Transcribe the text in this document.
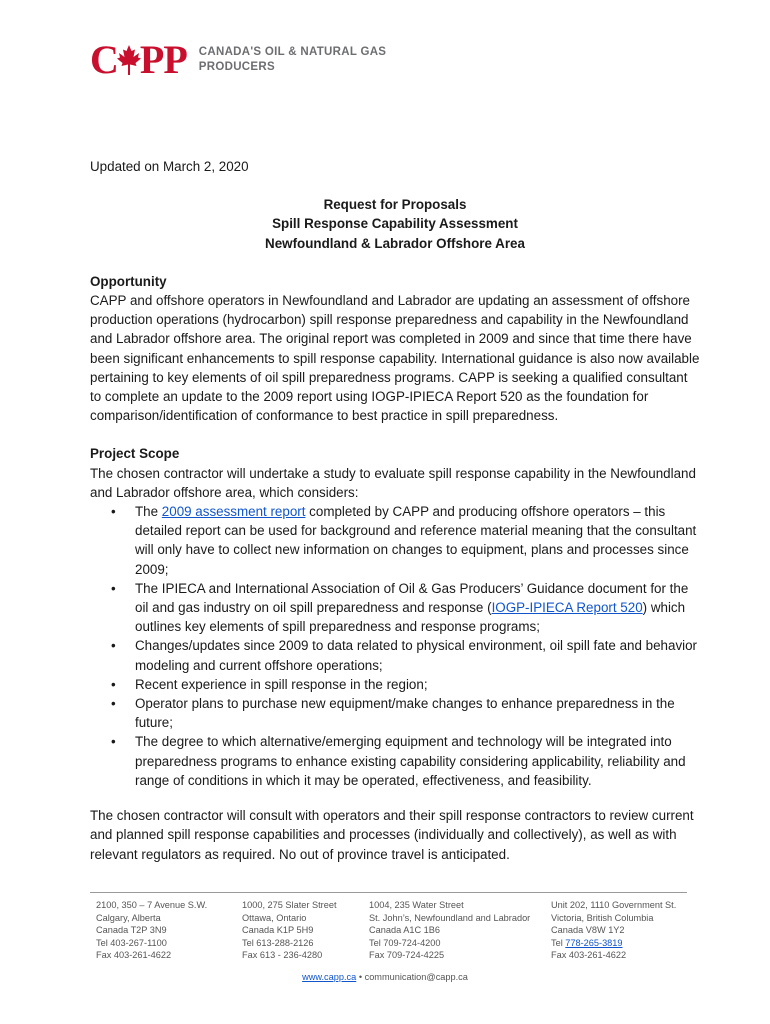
C PP CANADA'S OIL & NATURAL GAS
PRODUCERS

Updated on March 2, 2020

Request for Proposals
Spill Response Capability Assessment
Newfoundland & Labrador Offshore Area

Opportunity

CAPP and offshore operators in Newfoundland and Labrador are updating an assessment of offshore production operations (hydrocarbon) spill response preparedness and capability in the Newfoundland and Labrador offshore area. The original report was completed in 2009 and since that time there have been significant enhancements to spill response capability. International guidance is also now available pertaining to key elements of oil spill preparedness programs. CAPP is seeking a qualified consultant to complete an update to the 2009 report using IOGP-IPIECA Report 520 as the foundation for comparison/identification of conformance to best practice in spill preparedness.

Project Scope

The chosen contractor will undertake a study to evaluate spill response capability in the Newfoundland and Labrador offshore area, which considers:

• The 2009 assessment report completed by CAPP and producing offshore operators – this detailed report can be used for background and reference material meaning that the consultant will only have to collect new information on changes to equipment, plans and processes since 2009;
• The IPIECA and International Association of Oil & Gas Producers’ Guidance document for the oil and gas industry on oil spill preparedness and response (IOGP-IPIECA Report 520) which outlines key elements of spill preparedness and response programs;
• Changes/updates since 2009 to data related to physical environment, oil spill fate and behavior modeling and current offshore operations;
• Recent experience in spill response in the region;
• Operator plans to purchase new equipment/make changes to enhance preparedness in the future;
• The degree to which alternative/emerging equipment and technology will be integrated into preparedness programs to enhance existing capability considering applicability, reliability and range of conditions in which it may be operated, effectiveness, and feasibility.

The chosen contractor will consult with operators and their spill response contractors to review current and planned spill response capabilities and processes (individually and collectively), as well as with relevant regulators as required. No out of province travel is anticipated.

2100, 350 – 7 Avenue S.W.
Calgary, Alberta
Canada T2P 3N9
Tel 403-267-1100
Fax 403-261-4622
1000, 275 Slater Street
Ottawa, Ontario
Canada K1P 5H9
Tel 613-288-2126
Fax 613 - 236-4280
1004, 235 Water Street
St. John’s, Newfoundland and Labrador
Canada A1C 1B6
Tel 709-724-4200
Fax 709-724-4225
Unit 202, 1110 Government St.
Victoria, British Columbia
Canada V8W 1Y2
Tel 778-265-3819
Fax 403-261-4622
www.capp.ca • communication@capp.ca
